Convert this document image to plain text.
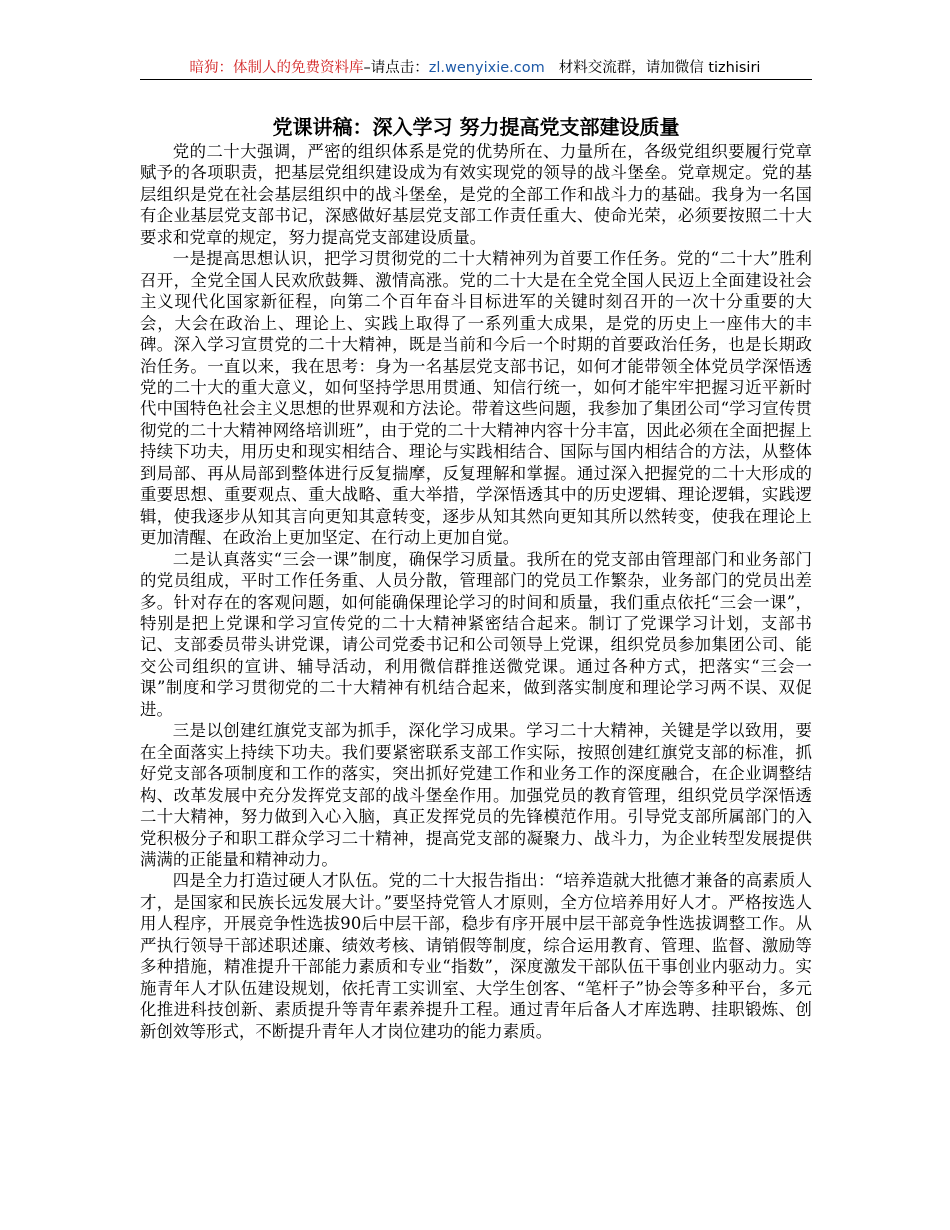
暗狗：体制人的免费资料库–请点击：zl.wenyixie.com 材料交流群，请加微信 tizhisiri
党课讲稿：深入学习 努力提高党支部建设质量

党的二十大强调，严密的组织体系是党的优势所在、力量所在，各级党组织要履行党章赋予的各项职责，把基层党组织建设成为有效实现党的领导的战斗堡垒。党章规定。党的基层组织是党在社会基层组织中的战斗堡垒，是党的全部工作和战斗力的基础。我身为一名国有企业基层党支部书记，深感做好基层党支部工作责任重大、使命光荣，必须要按照二十大要求和党章的规定，努力提高党支部建设质量。

一是提高思想认识，把学习贯彻党的二十大精神列为首要工作任务。党的“二十大”胜利召开，全党全国人民欢欣鼓舞、激情高涨。党的二十大是在全党全国人民迈上全面建设社会主义现代化国家新征程，向第二个百年奋斗目标进军的关键时刻召开的一次十分重要的大会，大会在政治上、理论上、实践上取得了一系列重大成果，是党的历史上一座伟大的丰碑。深入学习宣贯党的二十大精神，既是当前和今后一个时期的首要政治任务，也是长期政治任务。一直以来，我在思考：身为一名基层党支部书记，如何才能带领全体党员学深悟透党的二十大的重大意义，如何坚持学思用贯通、知信行统一，如何才能牢牢把握习近平新时代中国特色社会主义思想的世界观和方法论。带着这些问题，我参加了集团公司“学习宣传贯彻党的二十大精神网络培训班”，由于党的二十大精神内容十分丰富，因此必须在全面把握上持续下功夫，用历史和现实相结合、理论与实践相结合、国际与国内相结合的方法，从整体到局部、再从局部到整体进行反复揣摩，反复理解和掌握。通过深入把握党的二十大形成的重要思想、重要观点、重大战略、重大举措，学深悟透其中的历史逻辑、理论逻辑，实践逻辑，使我逐步从知其言向更知其意转变，逐步从知其然向更知其所以然转变，使我在理论上更加清醒、在政治上更加坚定、在行动上更加自觉。

二是认真落实“三会一课”制度，确保学习质量。我所在的党支部由管理部门和业务部门的党员组成，平时工作任务重、人员分散，管理部门的党员工作繁杂，业务部门的党员出差多。针对存在的客观问题，如何能确保理论学习的时间和质量，我们重点依托“三会一课”，特别是把上党课和学习宣传党的二十大精神紧密结合起来。制订了党课学习计划，支部书记、支部委员带头讲党课，请公司党委书记和公司领导上党课，组织党员参加集团公司、能交公司组织的宣讲、辅导活动，利用微信群推送微党课。通过各种方式，把落实“三会一课”制度和学习贯彻党的二十大精神有机结合起来，做到落实制度和理论学习两不误、双促进。

三是以创建红旗党支部为抓手，深化学习成果。学习二十大精神，关键是学以致用，要在全面落实上持续下功夫。我们要紧密联系支部工作实际，按照创建红旗党支部的标准，抓好党支部各项制度和工作的落实，突出抓好党建工作和业务工作的深度融合，在企业调整结构、改革发展中充分发挥党支部的战斗堡垒作用。加强党员的教育管理，组织党员学深悟透二十大精神，努力做到入心入脑，真正发挥党员的先锋模范作用。引导党支部所属部门的入党积极分子和职工群众学习二十精神，提高党支部的凝聚力、战斗力，为企业转型发展提供满满的正能量和精神动力。

四是全力打造过硬人才队伍。党的二十大报告指出：“培养造就大批德才兼备的高素质人才，是国家和民族长远发展大计。”要坚持党管人才原则，全方位培养用好人才。严格按选人用人程序，开展竞争性选拔90后中层干部，稳步有序开展中层干部竞争性选拔调整工作。从严执行领导干部述职述廉、绩效考核、请销假等制度，综合运用教育、管理、监督、激励等多种措施，精准提升干部能力素质和专业“指数”，深度激发干部队伍干事创业内驱动力。实施青年人才队伍建设规划，依托青工实训室、大学生创客、“笔杆子”协会等多种平台，多元化推进科技创新、素质提升等青年素养提升工程。通过青年后备人才库选聘、挂职锻炼、创新创效等形式，不断提升青年人才岗位建功的能力素质。
